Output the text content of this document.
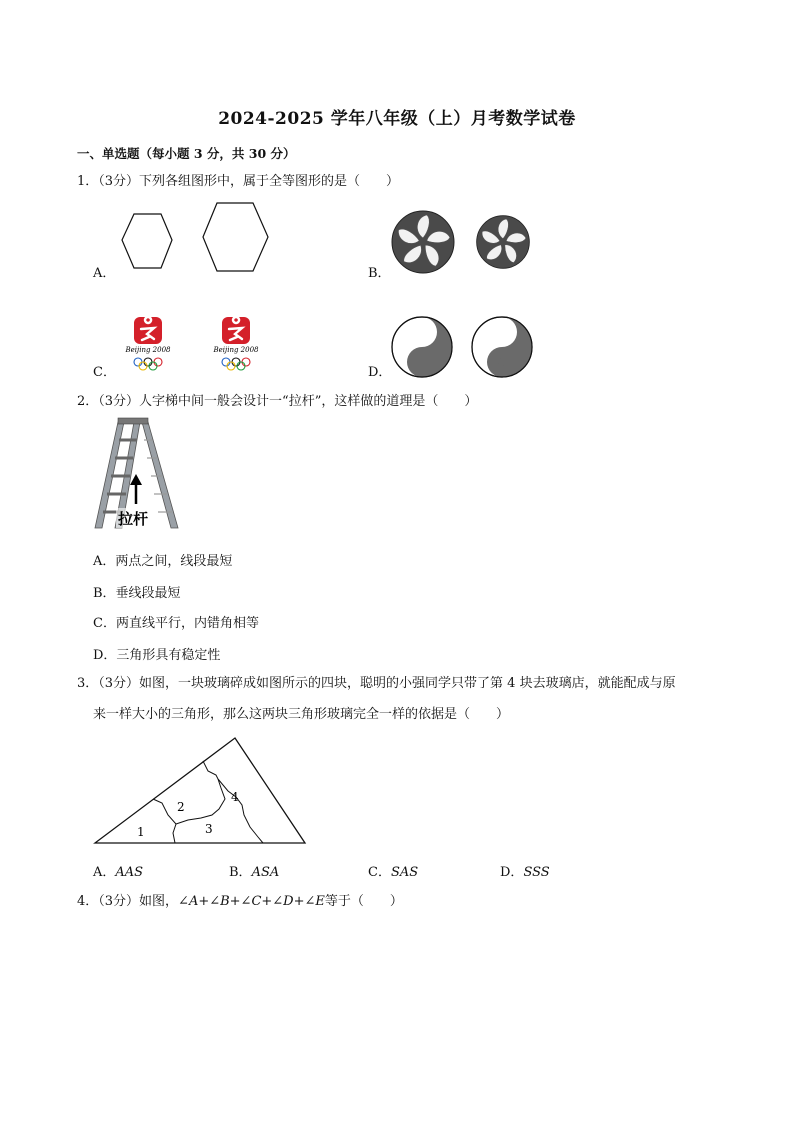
2024-2025 学年八年级（上）月考数学试卷
一、单选题（每小题 3 分，共 30 分）
1．（3分）下列各组图形中，属于全等图形的是（　　）
A．	B．
C．
Beijing 2008	Beijing 2008
D．
2．（3分）人字梯中间一般会设计一“拉杆”，这样做的道理是（　　）
拉杆
A．两点之间，线段最短
B．垂线段最短
C．两直线平行，内错角相等
D．三角形具有稳定性
3．（3分）如图，一块玻璃碎成如图所示的四块，聪明的小强同学只带了第 4 块去玻璃店，就能配成与原
来一样大小的三角形，那么这两块三角形玻璃完全一样的依据是（　　）
1
2
3
4
A．AAS	B．ASA	C．SAS	D．SSS
4．（3分）如图，∠A+∠B+∠C+∠D+∠E等于（　　）
